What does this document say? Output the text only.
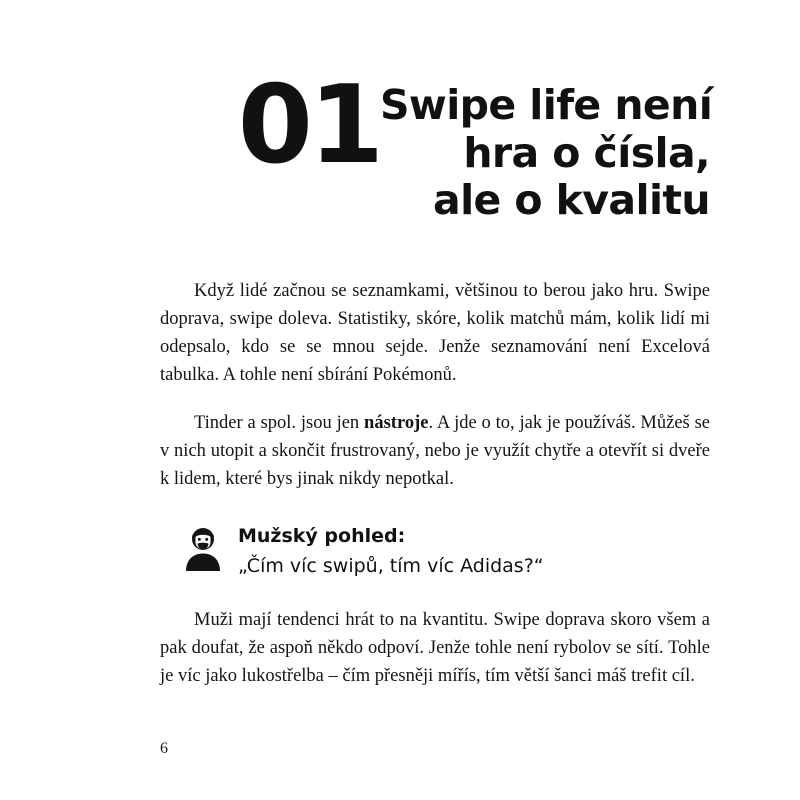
01 Swipe life není
hra o čísla,
ale o kvalitu

Když lidé začnou se seznamkami, většinou to berou jako hru. Swipe doprava, swipe doleva. Statistiky, skóre, kolik matchů mám, kolik lidí mi odepsalo, kdo se se mnou sejde. Jenže seznamování není Excelová tabulka. A tohle není sbírání Pokémonů.

Tinder a spol. jsou jen nástroje. A jde o to, jak je používáš. Můžeš se v nich utopit a skončit frustrovaný, nebo je využít chytře a otevřít si dveře k lidem, které bys jinak nikdy nepotkal.

Mužský pohled:
„Čím víc swipů, tím víc Adidas?“

Muži mají tendenci hrát to na kvantitu. Swipe doprava skoro všem a pak doufat, že aspoň někdo odpoví. Jenže tohle není rybolov se sítí. Tohle je víc jako lukostřelba – čím přesněji mířís, tím větší šanci máš trefit cíl.

6
